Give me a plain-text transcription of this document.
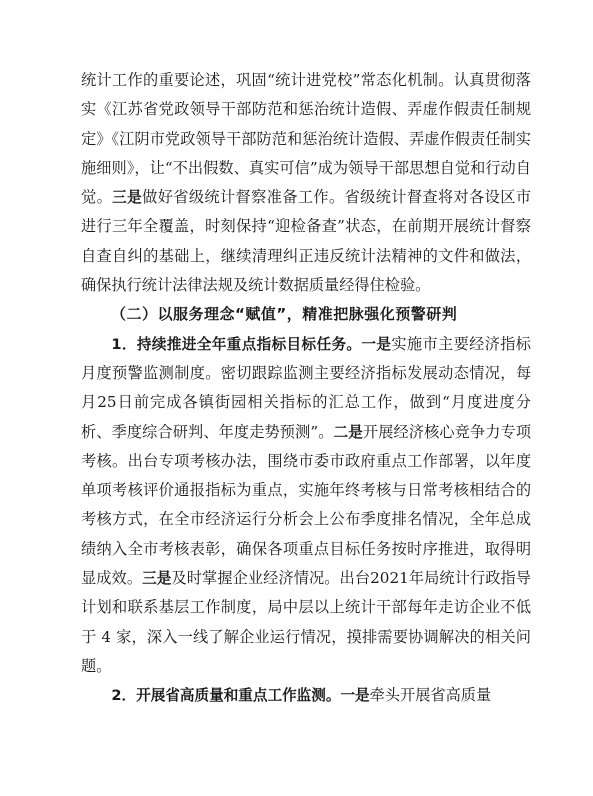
统计工作的重要论述，巩固“统计进党校”常态化机制。认真贯彻落实《江苏省党政领导干部防范和惩治统计造假、弄虚作假责任制规定》《江阴市党政领导干部防范和惩治统计造假、弄虚作假责任制实施细则》，让“不出假数、真实可信”成为领导干部思想自觉和行动自觉。三是做好省级统计督察准备工作。省级统计督查将对各设区市进行三年全覆盖，时刻保持“迎检备查”状态，在前期开展统计督察自查自纠的基础上，继续清理纠正违反统计法精神的文件和做法，确保执行统计法律法规及统计数据质量经得住检验。

（二）以服务理念“赋值”，精准把脉强化预警研判

1．持续推进全年重点指标目标任务。一是实施市主要经济指标月度预警监测制度。密切跟踪监测主要经济指标发展动态情况，每月25日前完成各镇街园相关指标的汇总工作，做到“月度进度分析、季度综合研判、年度走势预测”。二是开展经济核心竞争力专项考核。出台专项考核办法，围绕市委市政府重点工作部署，以年度单项考核评价通报指标为重点，实施年终考核与日常考核相结合的考核方式，在全市经济运行分析会上公布季度排名情况，全年总成绩纳入全市考核表彰，确保各项重点目标任务按时序推进，取得明显成效。三是及时掌握企业经济情况。出台2021年局统计行政指导计划和联系基层工作制度，局中层以上统计干部每年走访企业不低于 4 家，深入一线了解企业运行情况，摸排需要协调解决的相关问题。

2．开展省高质量和重点工作监测。一是牵头开展省高质量
